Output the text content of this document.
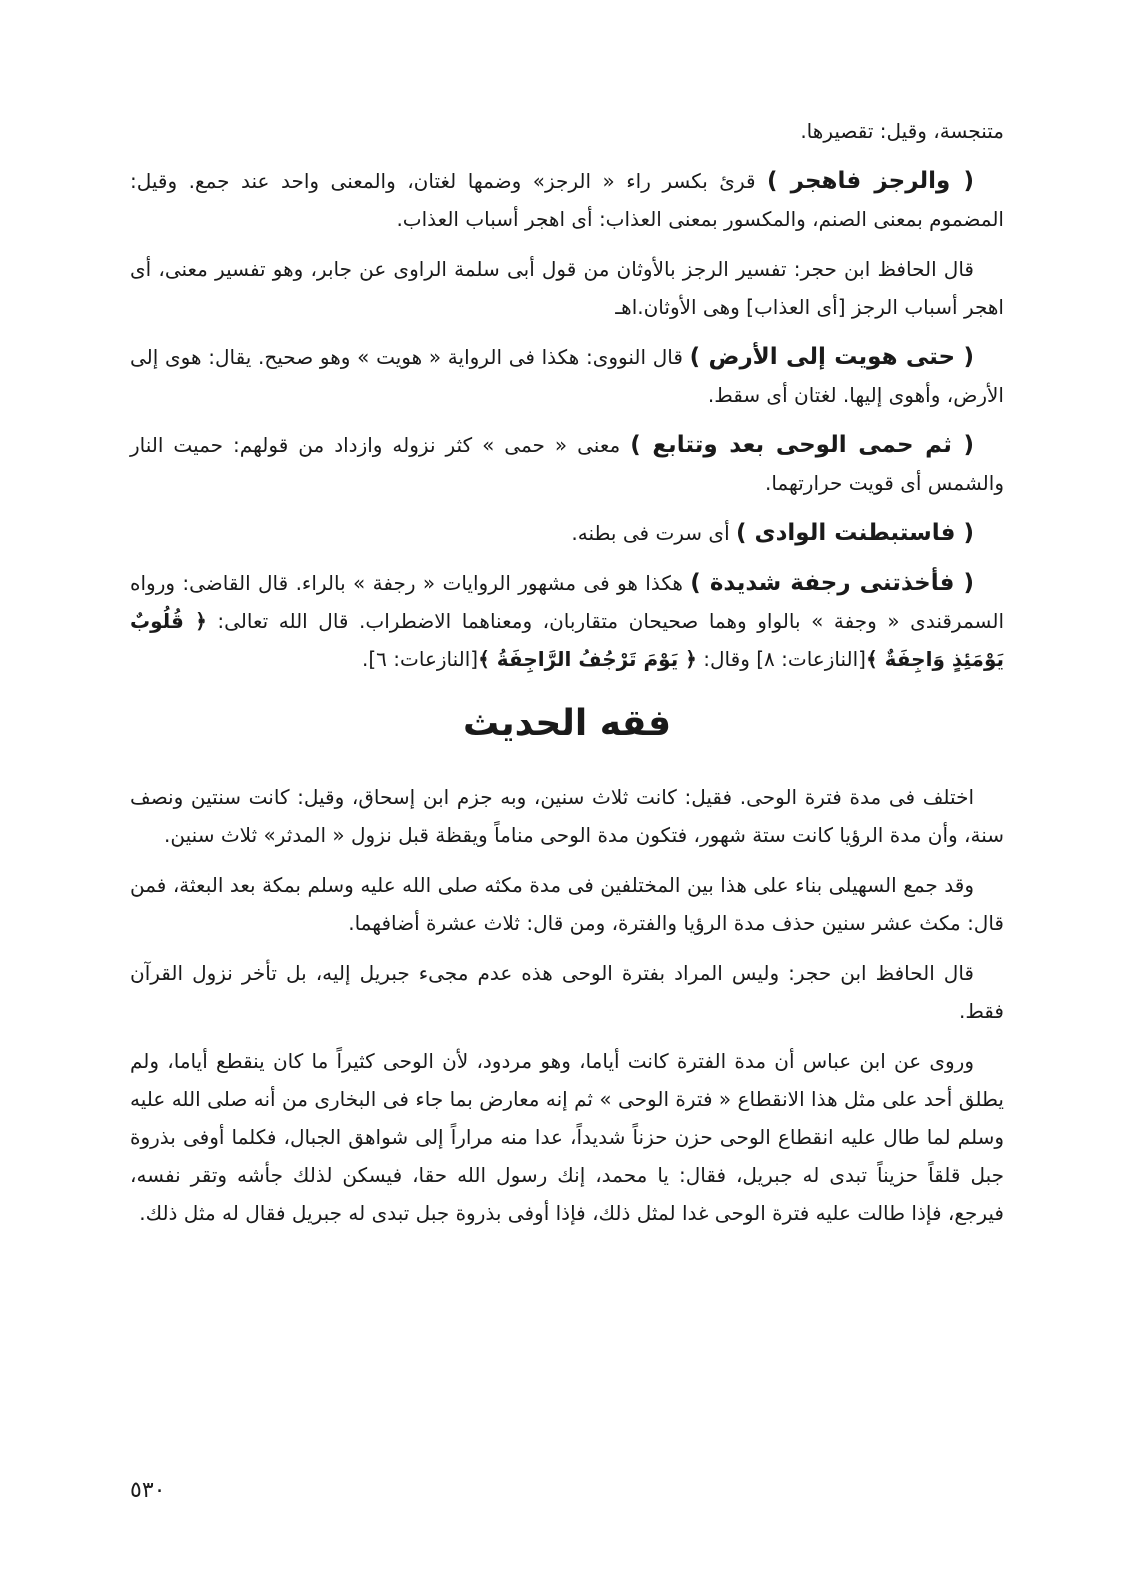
متنجسة، وقيل: تقصيرها.

( والرجز فاهجر ) قرئ بكسر راء « الرجز» وضمها لغتان، والمعنى واحد عند جمع. وقيل: المضموم بمعنى الصنم، والمكسور بمعنى العذاب: أى اهجر أسباب العذاب.

قال الحافظ ابن حجر: تفسير الرجز بالأوثان من قول أبى سلمة الراوى عن جابر، وهو تفسير معنى، أى اهجر أسباب الرجز [أى العذاب] وهى الأوثان.اهـ

( حتى هويت إلى الأرض ) قال النووى: هكذا فى الرواية « هويت » وهو صحيح. يقال: هوى إلى الأرض، وأهوى إليها. لغتان أى سقط.

( ثم حمى الوحى بعد وتتابع ) معنى « حمى » كثر نزوله وازداد من قولهم: حميت النار والشمس أى قويت حرارتهما.

( فاستبطنت الوادى ) أى سرت فى بطنه.

( فأخذتنى رجفة شديدة ) هكذا هو فى مشهور الروايات « رجفة » بالراء. قال القاضى: ورواه السمرقندى « وجفة » بالواو وهما صحيحان متقاربان، ومعناهما الاضطراب. قال الله تعالى: ﴿ قُلُوبٌ يَوْمَئِذٍ وَاجِفَةٌ ﴾[النازعات: ٨] وقال: ﴿ يَوْمَ تَرْجُفُ الرَّاجِفَةُ ﴾[النازعات: ٦].

فقه الحديث

اختلف فى مدة فترة الوحى. فقيل: كانت ثلاث سنين، وبه جزم ابن إسحاق، وقيل: كانت سنتين ونصف سنة، وأن مدة الرؤيا كانت ستة شهور، فتكون مدة الوحى مناماً ويقظة قبل نزول « المدثر» ثلاث سنين.

وقد جمع السهيلى بناء على هذا بين المختلفين فى مدة مكثه صلى الله عليه وسلم بمكة بعد البعثة، فمن قال: مكث عشر سنين حذف مدة الرؤيا والفترة، ومن قال: ثلاث عشرة أضافهما.

قال الحافظ ابن حجر: وليس المراد بفترة الوحى هذه عدم مجىء جبريل إليه، بل تأخر نزول القرآن فقط.

وروى عن ابن عباس أن مدة الفترة كانت أياما، وهو مردود، لأن الوحى كثيراً ما كان ينقطع أياما، ولم يطلق أحد على مثل هذا الانقطاع « فترة الوحى » ثم إنه معارض بما جاء فى البخارى من أنه صلى الله عليه وسلم لما طال عليه انقطاع الوحى حزن حزناً شديداً، عدا منه مراراً إلى شواهق الجبال، فكلما أوفى بذروة جبل قلقاً حزيناً تبدى له جبريل، فقال: يا محمد، إنك رسول الله حقا، فيسكن لذلك جأشه وتقر نفسه، فيرجع، فإذا طالت عليه فترة الوحى غدا لمثل ذلك، فإذا أوفى بذروة جبل تبدى له جبريل فقال له مثل ذلك.

٥٣٠
